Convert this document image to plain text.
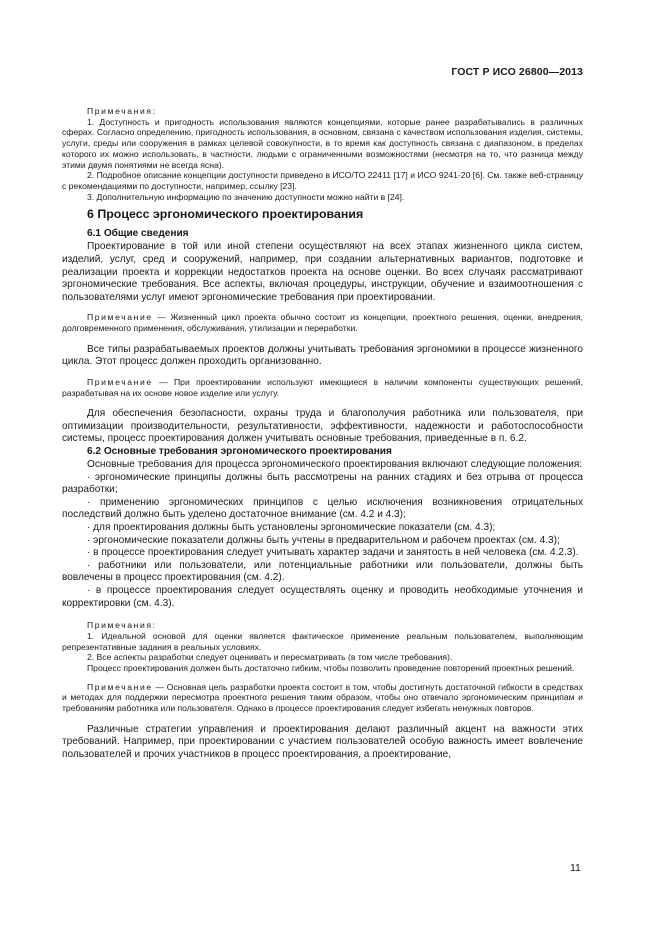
ГОСТ Р ИСО 26800—2013

Примечания:

1. Доступность и пригодность использования являются концепциями, которые ранее разрабатывались в различных сферах. Согласно определению, пригодность использования, в основном, связана с качеством использования изделия, системы, услуги, среды или сооружения в рамках целевой совокупности, в то время как доступность связана с диапазоном, в пределах которого их можно использовать, в частности, людьми с ограниченными возможностями (несмотря на то, что разница между этими двумя понятиями не всегда ясна).

2. Подробное описание концепции доступности приведено в ИСО/ТО 22411 [17] и ИСО 9241-20 [6]. См. также веб-страницу с рекомендациями по доступности, например, ссылку [23].

3. Дополнительную информацию по значению доступности можно найти в [24].

6 Процесс эргономического проектирования
6.1 Общие сведения

Проектирование в той или иной степени осуществляют на всех этапах жизненного цикла систем, изделий, услуг, сред и сооружений, например, при создании альтернативных вариантов, подготовке и реализации проекта и коррекции недостатков проекта на основе оценки. Во всех случаях рассматривают эргономические требования. Все аспекты, включая процедуры, инструкции, обучение и взаимоотношения с пользователями услуг имеют эргономические требования при проектировании.

Примечание — Жизненный цикл проекта обычно состоит из концепции, проектного решения, оценки, внедрения, долговременного применения, обслуживания, утилизации и переработки.

Все типы разрабатываемых проектов должны учитывать требования эргономики в процессе жизненного цикла. Этот процесс должен проходить организованно.

Примечание — При проектировании используют имеющиеся в наличии компоненты существующих решений, разрабатывая на их основе новое изделие или услугу.

Для обеспечения безопасности, охраны труда и благополучия работника или пользователя, при оптимизации производительности, результативности, эффективности, надежности и работоспособности системы, процесс проектирования должен учитывать основные требования, приведенные в п. 6.2.

6.2 Основные требования эргономического проектирования

Основные требования для процесса эргономического проектирования включают следующие положения:

· эргономические принципы должны быть рассмотрены на ранних стадиях и без отрыва от процесса разработки;

· применению эргономических принципов с целью исключения возникновения отрицательных последствий должно быть уделено достаточное внимание (см. 4.2 и 4.3);

· для проектирования должны быть установлены эргономические показатели (см. 4.3);

· эргономические показатели должны быть учтены в предварительном и рабочем проектах (см. 4.3);

· в процессе проектирования следует учитывать характер задачи и занятость в ней человека (см. 4.2.3).

· работники или пользователи, или потенциальные работники или пользователи, должны быть вовлечены в процесс проектирования (см. 4.2).

· в процессе проектирования следует осуществлять оценку и проводить необходимые уточнения и корректировки (см. 4.3).

Примечания:

1. Идеальной основой для оценки является фактическое применение реальным пользователем, выполняющим репрезентативные задания в реальных условиях.

2. Все аспекты разработки следует оценивать и пересматривать (в том числе требования).

Процесс проектирования должен быть достаточно гибким, чтобы позволить проведение повторений проектных решений.

Примечание — Основная цель разработки проекта состоит в том, чтобы достигнуть достаточной гибкости в средствах и методах для поддержки пересмотра проектного решения таким образом, чтобы оно отвечало эргономическим принципам и требованиям работника или пользователя. Однако в процессе проектирования следует избегать ненужных повторов.

Различные стратегии управления и проектирования делают различный акцент на важности этих требований. Например, при проектировании с участием пользователей особую важность имеет вовлечение пользователей и прочих участников в процесс проектирования, а проектирование,

11
